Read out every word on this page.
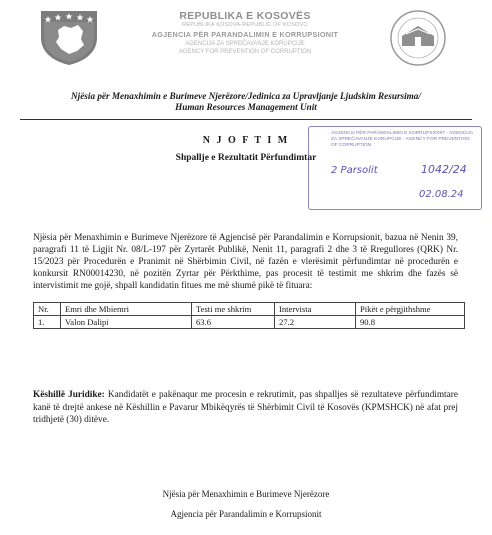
REPUBLIKA E KOSOVËS
REPUBLIKA KOSOVA-REPUBLIC OF KOSOVO
AGJENCIA PËR PARANDALIMIN E KORRUPSIONIT
AGENCIJA ZA SPREČAVANJE KORUPCIJE
AGENCY FOR PREVENTION OF CORRUPTION
Njësia për Menaxhimin e Burimeve Njerëzore/Jedinica za Upravljanje Ljudskim Resursima/
Human Resources Management Unit
AGJENCIA PËR PARANDALIMIN E KORRUPSIONIT - AGENCIJA ZA SPREČAVANJE KORUPCIJE - AGENCY FOR PREVENTION OF CORRUPTION
2 Parsolit	1042/24
02.08.24
N J O F T I M
Shpallje e Rezultatit Përfundimtar
Njësia për Menaxhimin e Burimeve Njerëzore të Agjencisë për Parandalimin e Korrupsionit, bazua në Nenin 39, paragrafi 11 të Ligjit Nr. 08/L-197 për Zyrtarët Publikë, Nenit 11, paragrafi 2 dhe 3 të Rregullores (QRK) Nr. 15/2023 për Procedurën e Pranimit në Shërbimin Civil, në fazën e vlerësimit përfundimtar në procedurën e konkursit RN00014230, në pozitën Zyrtar për Përkthime, pas procesit të testimit me shkrim dhe fazës së intervistimit me gojë, shpall kandidatin fitues me më shumë pikë të fituara:
Nr.	Emri dhe Mbiemri	Testi me shkrim	Intervista	Pikët e përgjithshme
1.	Valon Dalipi	63.6	27.2	90.8
Këshillë Juridike: Kandidatët e pakënaqur me procesin e rekrutimit, pas shpalljes së rezultateve përfundimtare kanë të drejtë ankese në Këshillin e Pavarur Mbikëqyrës të Shërbimit Civil të Kosovës (KPMSHCK) në afat prej tridhjetë (30) ditëve.
Njësia për Menaxhimin e Burimeve Njerëzore
Agjencia për Parandalimin e Korrupsionit
